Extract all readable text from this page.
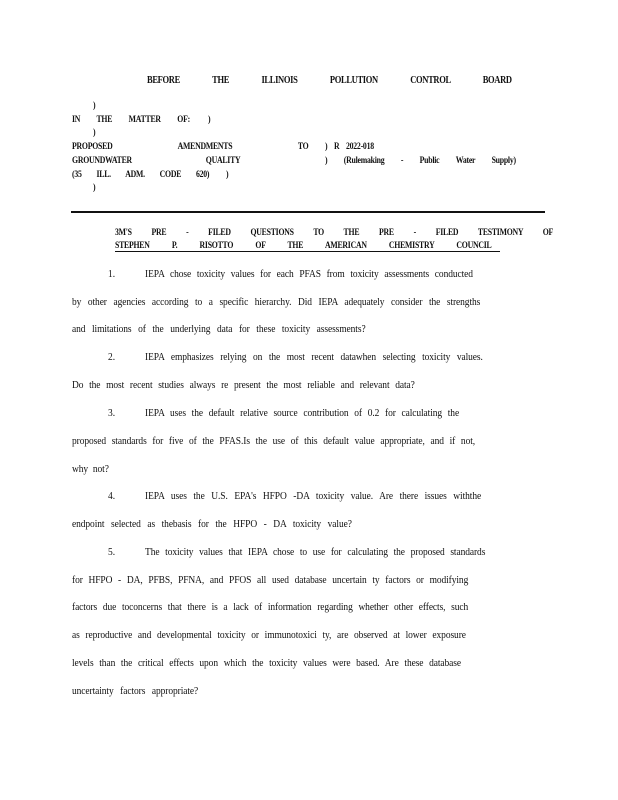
BEFORE THE ILLINOIS POLLUTION CONTROL BOARD
)
IN THE MATTER OF: )
)
PROPOSED AMENDMENTS TO ) R 2022-018
GROUNDWATER QUALITY	) (Rulemaking - Public Water Supply)
(35 ILL. ADM. CODE 620) )
)
3M'S PRE - FILED QUESTIONS TO THE PRE - FILED TESTIMONY OF
STEPHEN P. RISOTTO OF THE AMERICAN CHEMISTRY COUNCIL
1.	IEPA chose toxicity values for each PFAS from toxicity assessments conducted
by other agencies according to a specific hierarchy. Did IEPA adequately consider the strengths
and limitations of the underlying data for these toxicity assessments?
2.	IEPA emphasizes relying on the most recent datawhen selecting toxicity values.
Do the most recent studies always re present the most reliable and relevant data?
3.	IEPA uses the default relative source contribution of 0.2 for calculating the
proposed standards for five of the PFAS.Is the use of this default value appropriate, and if not,
why not?
4.	IEPA uses the U.S. EPA's HFPO -DA toxicity value. Are there issues withthe
endpoint selected as thebasis for the HFPO - DA toxicity value?
5.	The toxicity values that IEPA chose to use for calculating the proposed standards
for HFPO - DA, PFBS, PFNA, and PFOS all used database uncertain ty factors or modifying
factors due toconcerns that there is a lack of information regarding whether other effects, such
as reproductive and developmental toxicity or immunotoxici ty, are observed at lower exposure
levels than the critical effects upon which the toxicity values were based. Are these database
uncertainty factors appropriate?
